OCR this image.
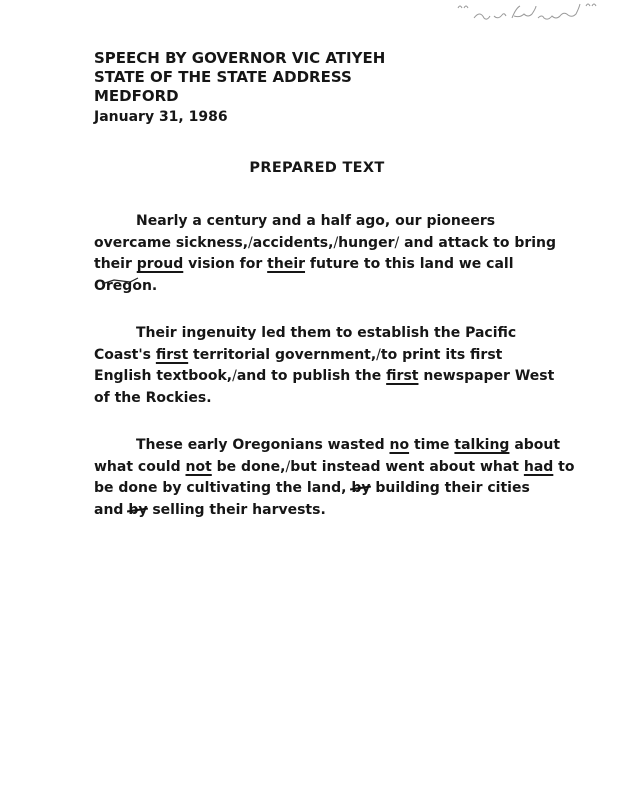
SPEECH BY GOVERNOR VIC ATIYEH
STATE OF THE STATE ADDRESS
MEDFORD
January 31, 1986
PREPARED TEXT
Nearly a century and a half ago, our pioneers
overcame sickness,/accidents,/hunger/ and attack to bring
their proud vision for their future to this land we call
Oregon.
Their ingenuity led them to establish the Pacific
Coast's first territorial government,/to print its first
English textbook,/and to publish the first newspaper West
of the Rockies.
These early Oregonians wasted no time talking about
what could not be done,/but instead went about what had to
be done by cultivating the land, by building their cities
and by selling their harvests.
